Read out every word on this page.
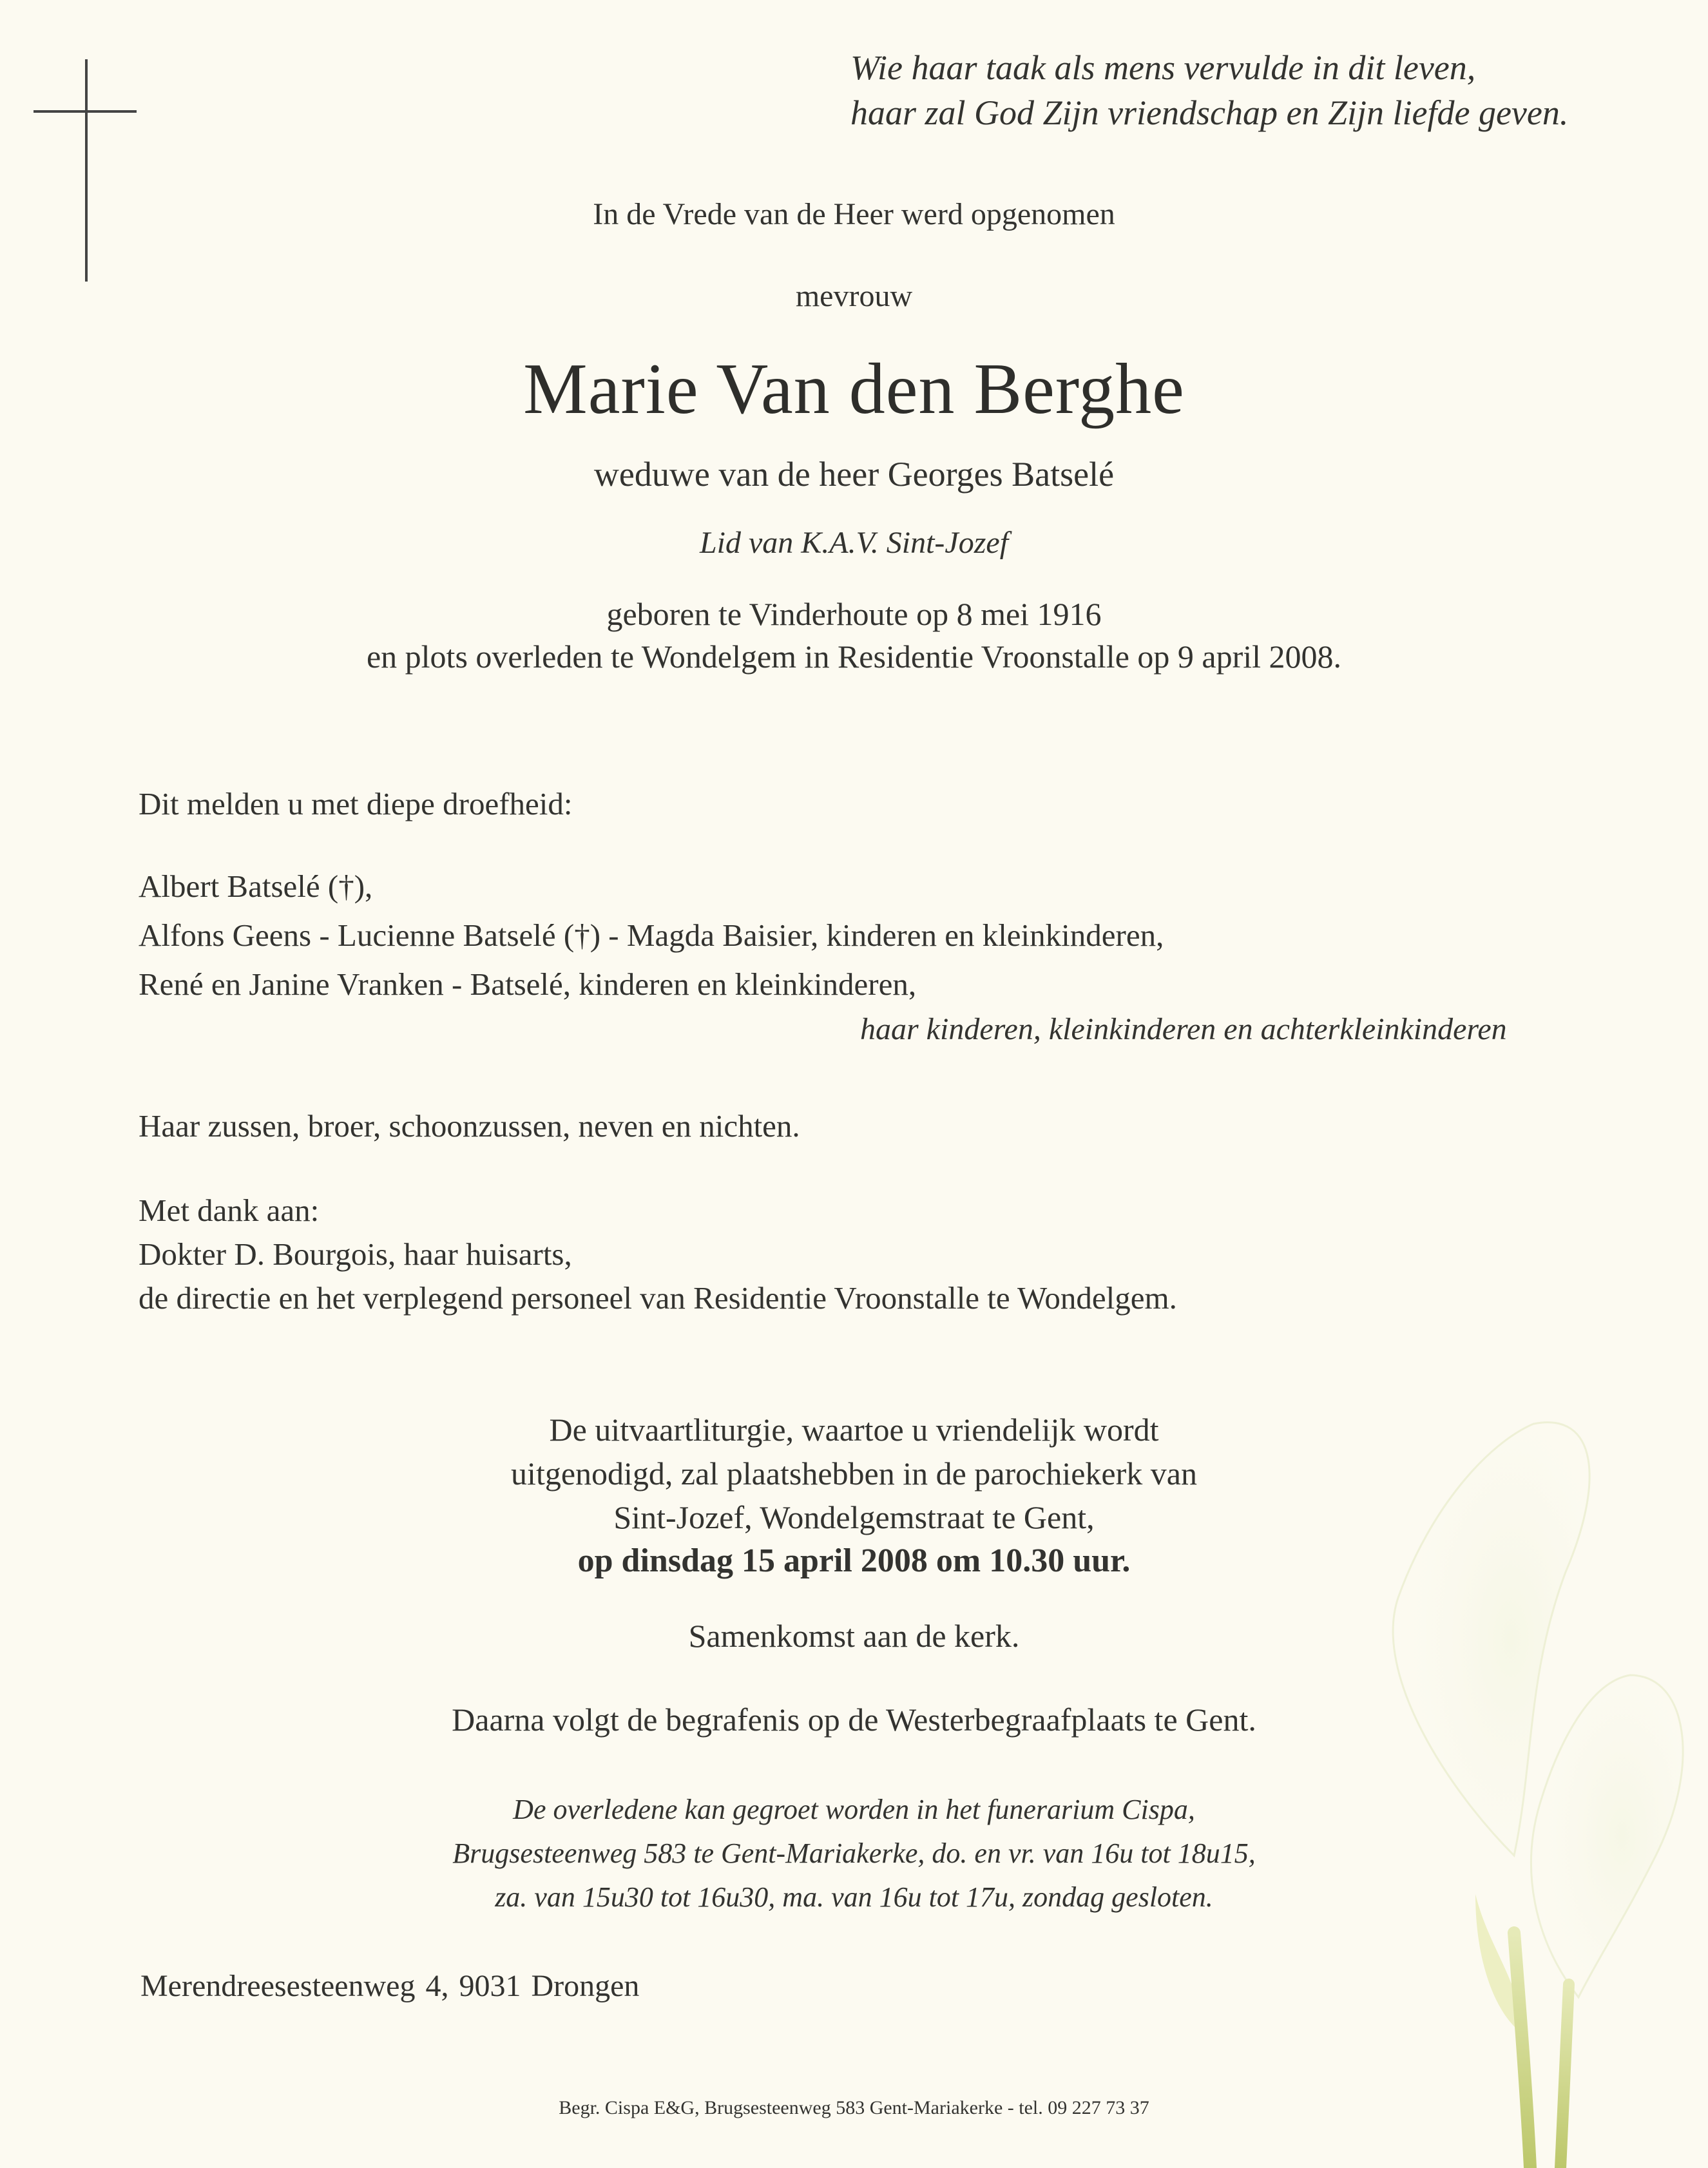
Wie haar taak als mens vervulde in dit leven,
haar zal God Zijn vriendschap en Zijn liefde geven.
In de Vrede van de Heer werd opgenomen
mevrouw
Marie Van den Berghe
weduwe van de heer Georges Batselé
Lid van K.A.V. Sint-Jozef
geboren te Vinderhoute op 8 mei 1916
en plots overleden te Wondelgem in Residentie Vroonstalle op 9 april 2008.
Dit melden u met diepe droefheid:
Albert Batselé (†),
Alfons Geens - Lucienne Batselé (†) - Magda Baisier, kinderen en kleinkinderen,
René en Janine Vranken - Batselé, kinderen en kleinkinderen,
haar kinderen, kleinkinderen en achterkleinkinderen
Haar zussen, broer, schoonzussen, neven en nichten.
Met dank aan:
Dokter D. Bourgois, haar huisarts,
de directie en het verplegend personeel van Residentie Vroonstalle te Wondelgem.
De uitvaartliturgie, waartoe u vriendelijk wordt
uitgenodigd, zal plaatshebben in de parochiekerk van
Sint-Jozef, Wondelgemstraat te Gent,
op dinsdag 15 april 2008 om 10.30 uur.
Samenkomst aan de kerk.
Daarna volgt de begrafenis op de Westerbegraafplaats te Gent.
De overledene kan gegroet worden in het funerarium Cispa,
Brugsesteenweg 583 te Gent-Mariakerke, do. en vr. van 16u tot 18u15,
za. van 15u30 tot 16u30, ma. van 16u tot 17u, zondag gesloten.
Merendreesesteenweg 4, 9031 Drongen
Begr. Cispa E&G, Brugsesteenweg 583 Gent-Mariakerke - tel. 09 227 73 37
